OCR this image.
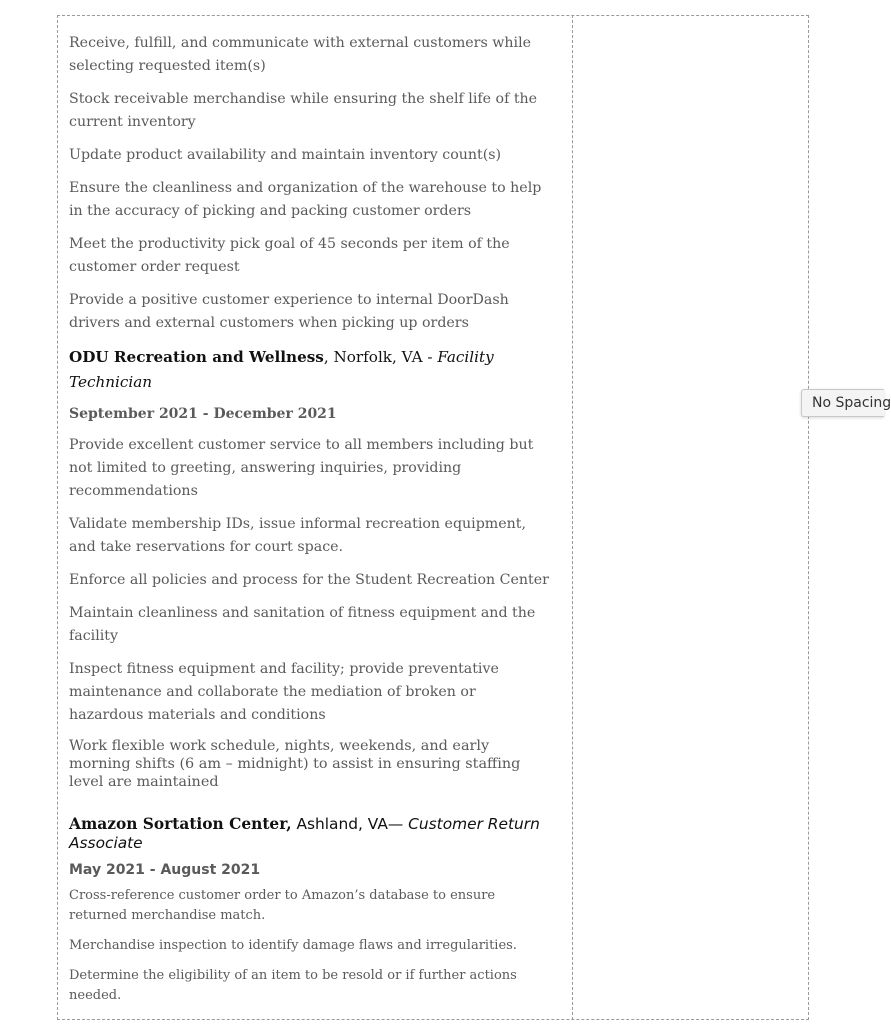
Receive, fulfill, and communicate with external customers while selecting requested item(s)

Stock receivable merchandise while ensuring the shelf life of the current inventory

Update product availability and maintain inventory count(s)

Ensure the cleanliness and organization of the warehouse to help in the accuracy of picking and packing customer orders

Meet the productivity pick goal of 45 seconds per item of the customer order request

Provide a positive customer experience to internal DoorDash drivers and external customers when picking up orders

ODU Recreation and Wellness, Norfolk, VA - Facility Technician

September 2021 - December 2021

Provide excellent customer service to all members including but not limited to greeting, answering inquiries, providing recommendations

Validate membership IDs, issue informal recreation equipment, and take reservations for court space.

Enforce all policies and process for the Student Recreation Center

Maintain cleanliness and sanitation of fitness equipment and the facility

Inspect fitness equipment and facility; provide preventative maintenance and collaborate the mediation of broken or hazardous materials and conditions

Work flexible work schedule, nights, weekends, and early morning shifts (6 am – midnight) to assist in ensuring staffing level are maintained

Amazon Sortation Center, Ashland, VA— Customer Return Associate

May 2021 - August 2021

Cross-reference customer order to Amazon’s database to ensure returned merchandise match.

Merchandise inspection to identify damage flaws and irregularities.

Determine the eligibility of an item to be resold or if further actions needed.

No Spacing
